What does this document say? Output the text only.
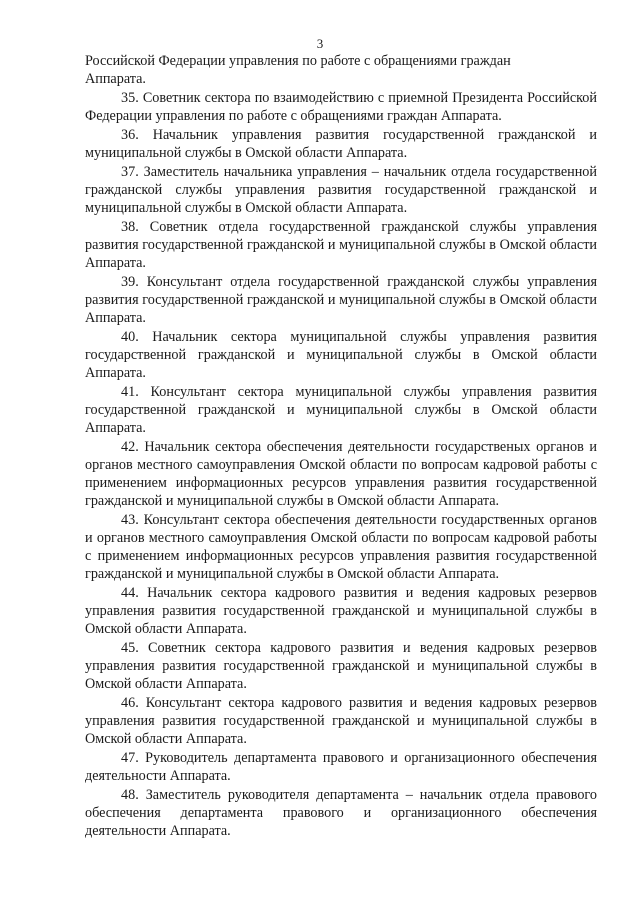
3

Российской Федерации управления по работе с обращениями граждан
Аппарата.

35. Советник сектора по взаимодействию с приемной Президента Российской Федерации управления по работе с обращениями граждан Аппарата.

36. Начальник управления развития государственной гражданской и муниципальной службы в Омской области Аппарата.

37. Заместитель начальника управления – начальник отдела государственной гражданской службы управления развития государственной гражданской и муниципальной службы в Омской области Аппарата.

38. Советник отдела государственной гражданской службы управления развития государственной гражданской и муниципальной службы в Омской области Аппарата.

39. Консультант отдела государственной гражданской службы управления развития государственной гражданской и муниципальной службы в Омской области Аппарата.

40. Начальник сектора муниципальной службы управления развития государственной гражданской и муниципальной службы в Омской области Аппарата.

41. Консультант сектора муниципальной службы управления развития государственной гражданской и муниципальной службы в Омской области Аппарата.

42. Начальник сектора обеспечения деятельности государственых органов и органов местного самоуправления Омской области по вопросам кадровой работы с применением информационных ресурсов управления развития государственной гражданской и муниципальной службы в Омской области Аппарата.

43. Консультант сектора обеспечения деятельности государственных органов и органов местного самоуправления Омской области по вопросам кадровой работы с применением информационных ресурсов управления развития государственной гражданской и муниципальной службы в Омской области Аппарата.

44. Начальник сектора кадрового развития и ведения кадровых резервов управления развития государственной гражданской и муниципальной службы в Омской области Аппарата.

45. Советник сектора кадрового развития и ведения кадровых резервов управления развития государственной гражданской и муниципальной службы в Омской области Аппарата.

46. Консультант сектора кадрового развития и ведения кадровых резервов управления развития государственной гражданской и муниципальной службы в Омской области Аппарата.

47. Руководитель департамента правового и организационного обеспечения деятельности Аппарата.

48. Заместитель руководителя департамента – начальник отдела правового обеспечения департамента правового и организационного обеспечения деятельности Аппарата.
